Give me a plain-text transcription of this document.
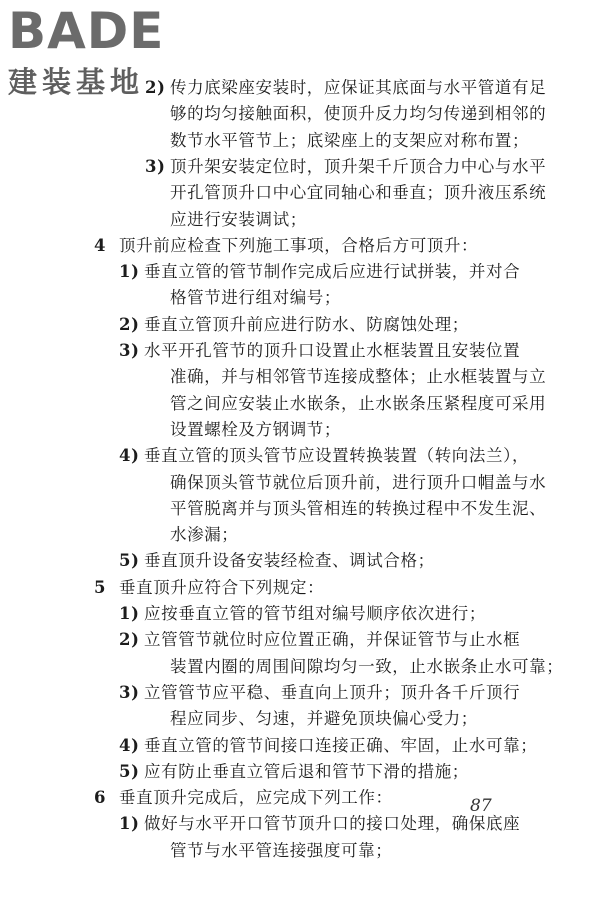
BADE
建装基地 2) 传力底梁座安装时，应保证其底面与水平管道有足
够的均匀接触面积，使顶升反力均匀传递到相邻的
数节水平管节上；底梁座上的支架应对称布置；
3) 顶升架安装定位时，顶升架千斤顶合力中心与水平
开孔管顶升口中心宜同轴心和垂直；顶升液压系统
应进行安装调试；
4 顶升前应检查下列施工事项，合格后方可顶升：
1) 垂直立管的管节制作完成后应进行试拼装，并对合
格管节进行组对编号；
2) 垂直立管顶升前应进行防水、防腐蚀处理；
3) 水平开孔管节的顶升口设置止水框装置且安装位置
准确，并与相邻管节连接成整体；止水框装置与立
管之间应安装止水嵌条，止水嵌条压紧程度可采用
设置螺栓及方钢调节；
4) 垂直立管的顶头管节应设置转换装置（转向法兰），
确保顶头管节就位后顶升前，进行顶升口帽盖与水
平管脱离并与顶头管相连的转换过程中不发生泥、
水渗漏；
5) 垂直顶升设备安装经检查、调试合格；
5 垂直顶升应符合下列规定：
1) 应按垂直立管的管节组对编号顺序依次进行；
2) 立管管节就位时应位置正确，并保证管节与止水框
装置内圈的周围间隙均匀一致，止水嵌条止水可靠；
3) 立管管节应平稳、垂直向上顶升；顶升各千斤顶行
程应同步、匀速，并避免顶块偏心受力；
4) 垂直立管的管节间接口连接正确、牢固，止水可靠；
5) 应有防止垂直立管后退和管节下滑的措施；
6 垂直顶升完成后，应完成下列工作：
1) 做好与水平开口管节顶升口的接口处理，确保底座
管节与水平管连接强度可靠；
87
